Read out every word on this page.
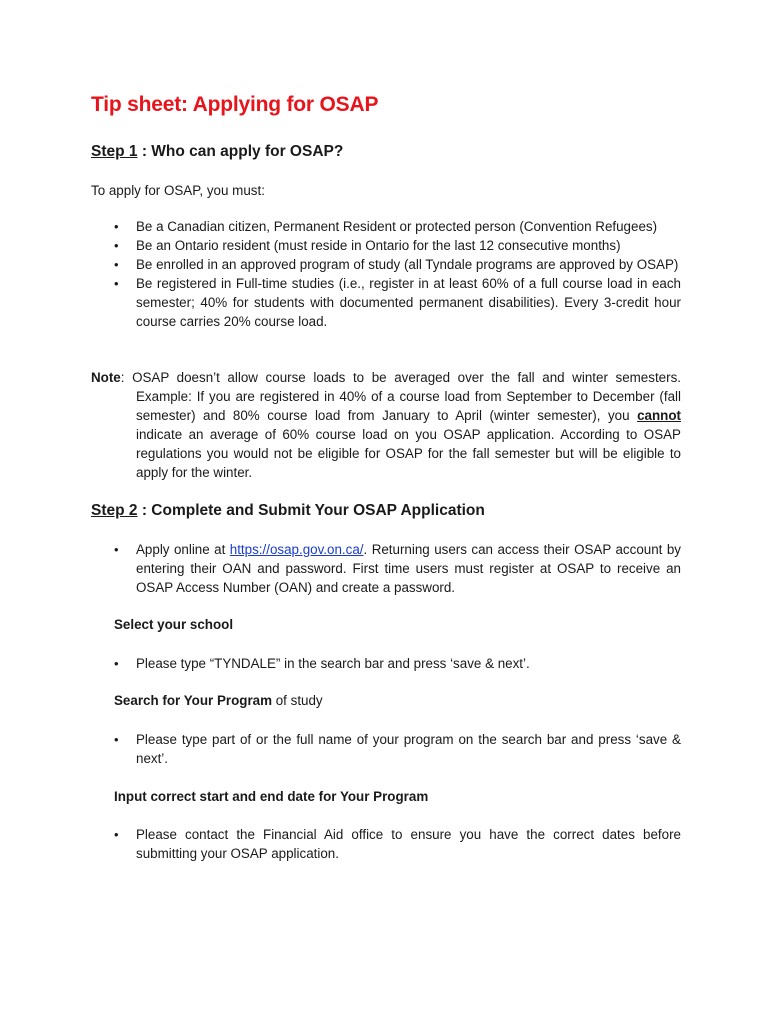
Tip sheet: Applying for OSAP
Step 1 : Who can apply for OSAP?

To apply for OSAP, you must:

•	Be a Canadian citizen, Permanent Resident or protected person (Convention Refugees)
•	Be an Ontario resident (must reside in Ontario for the last 12 consecutive months)
•	Be enrolled in an approved program of study (all Tyndale programs are approved by OSAP)
•	Be registered in Full-time studies (i.e., register in at least 60% of a full course load in each semester; 40% for students with documented permanent disabilities). Every 3-credit hour course carries 20% course load.
Note: OSAP doesn’t allow course loads to be averaged over the fall and winter semesters.
Example: If you are registered in 40% of a course load from September to December (fall semester) and 80% course load from January to April (winter semester), you cannot indicate an average of 60% course load on you OSAP application. According to OSAP regulations you would not be eligible for OSAP for the fall semester but will be eligible to apply for the winter.
Step 2 : Complete and Submit Your OSAP Application
•	Apply online at https://osap.gov.on.ca/. Returning users can access their OSAP account by entering their OAN and password. First time users must register at OSAP to receive an OSAP Access Number (OAN) and create a password.

Select your school

•	Please type “TYNDALE” in the search bar and press ‘save & next’.

Search for Your Program of study

•	Please type part of or the full name of your program on the search bar and press ‘save & next’.

Input correct start and end date for Your Program

•	Please contact the Financial Aid office to ensure you have the correct dates before submitting your OSAP application.
